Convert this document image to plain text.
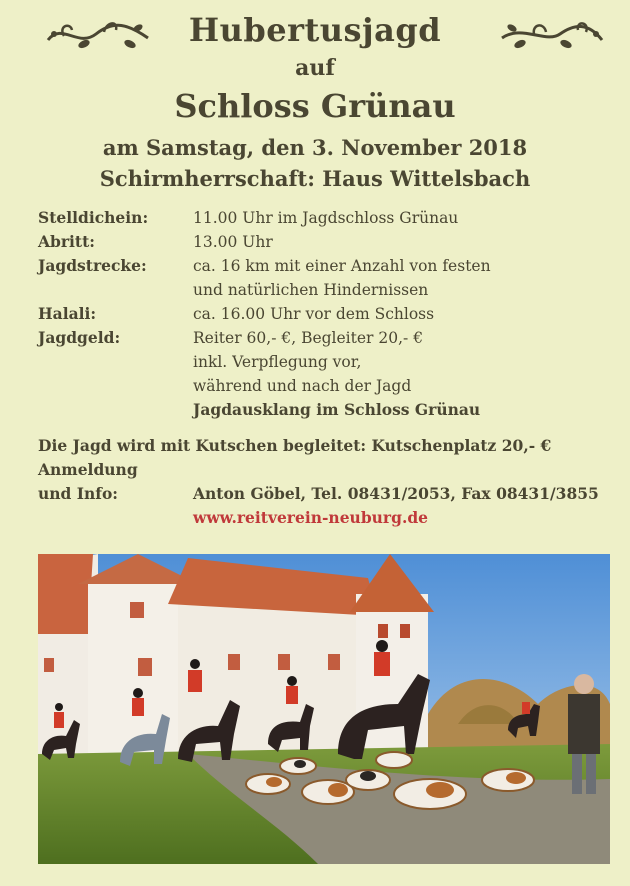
Hubertusjagd
auf
Schloss Grünau
am Samstag, den 3. November 2018
Schirmherrschaft: Haus Wittelsbach
Stelldichein:	11.00 Uhr im Jagdschloss Grünau
Abritt:	13.00 Uhr
Jagdstrecke:	ca. 16 km mit einer Anzahl von festen
und natürlichen Hindernissen
Halali:	ca. 16.00 Uhr vor dem Schloss
Jagdgeld:	Reiter 60,- €, Begleiter 20,- €
inkl. Verpflegung vor,
während und nach der Jagd
Jagdausklang im Schloss Grünau
Die Jagd wird mit Kutschen begleitet: Kutschenplatz 20,- €
Anmeldung
und Info:	Anton Göbel, Tel. 08431/2053, Fax 08431/3855
www.reitverein-neuburg.de
